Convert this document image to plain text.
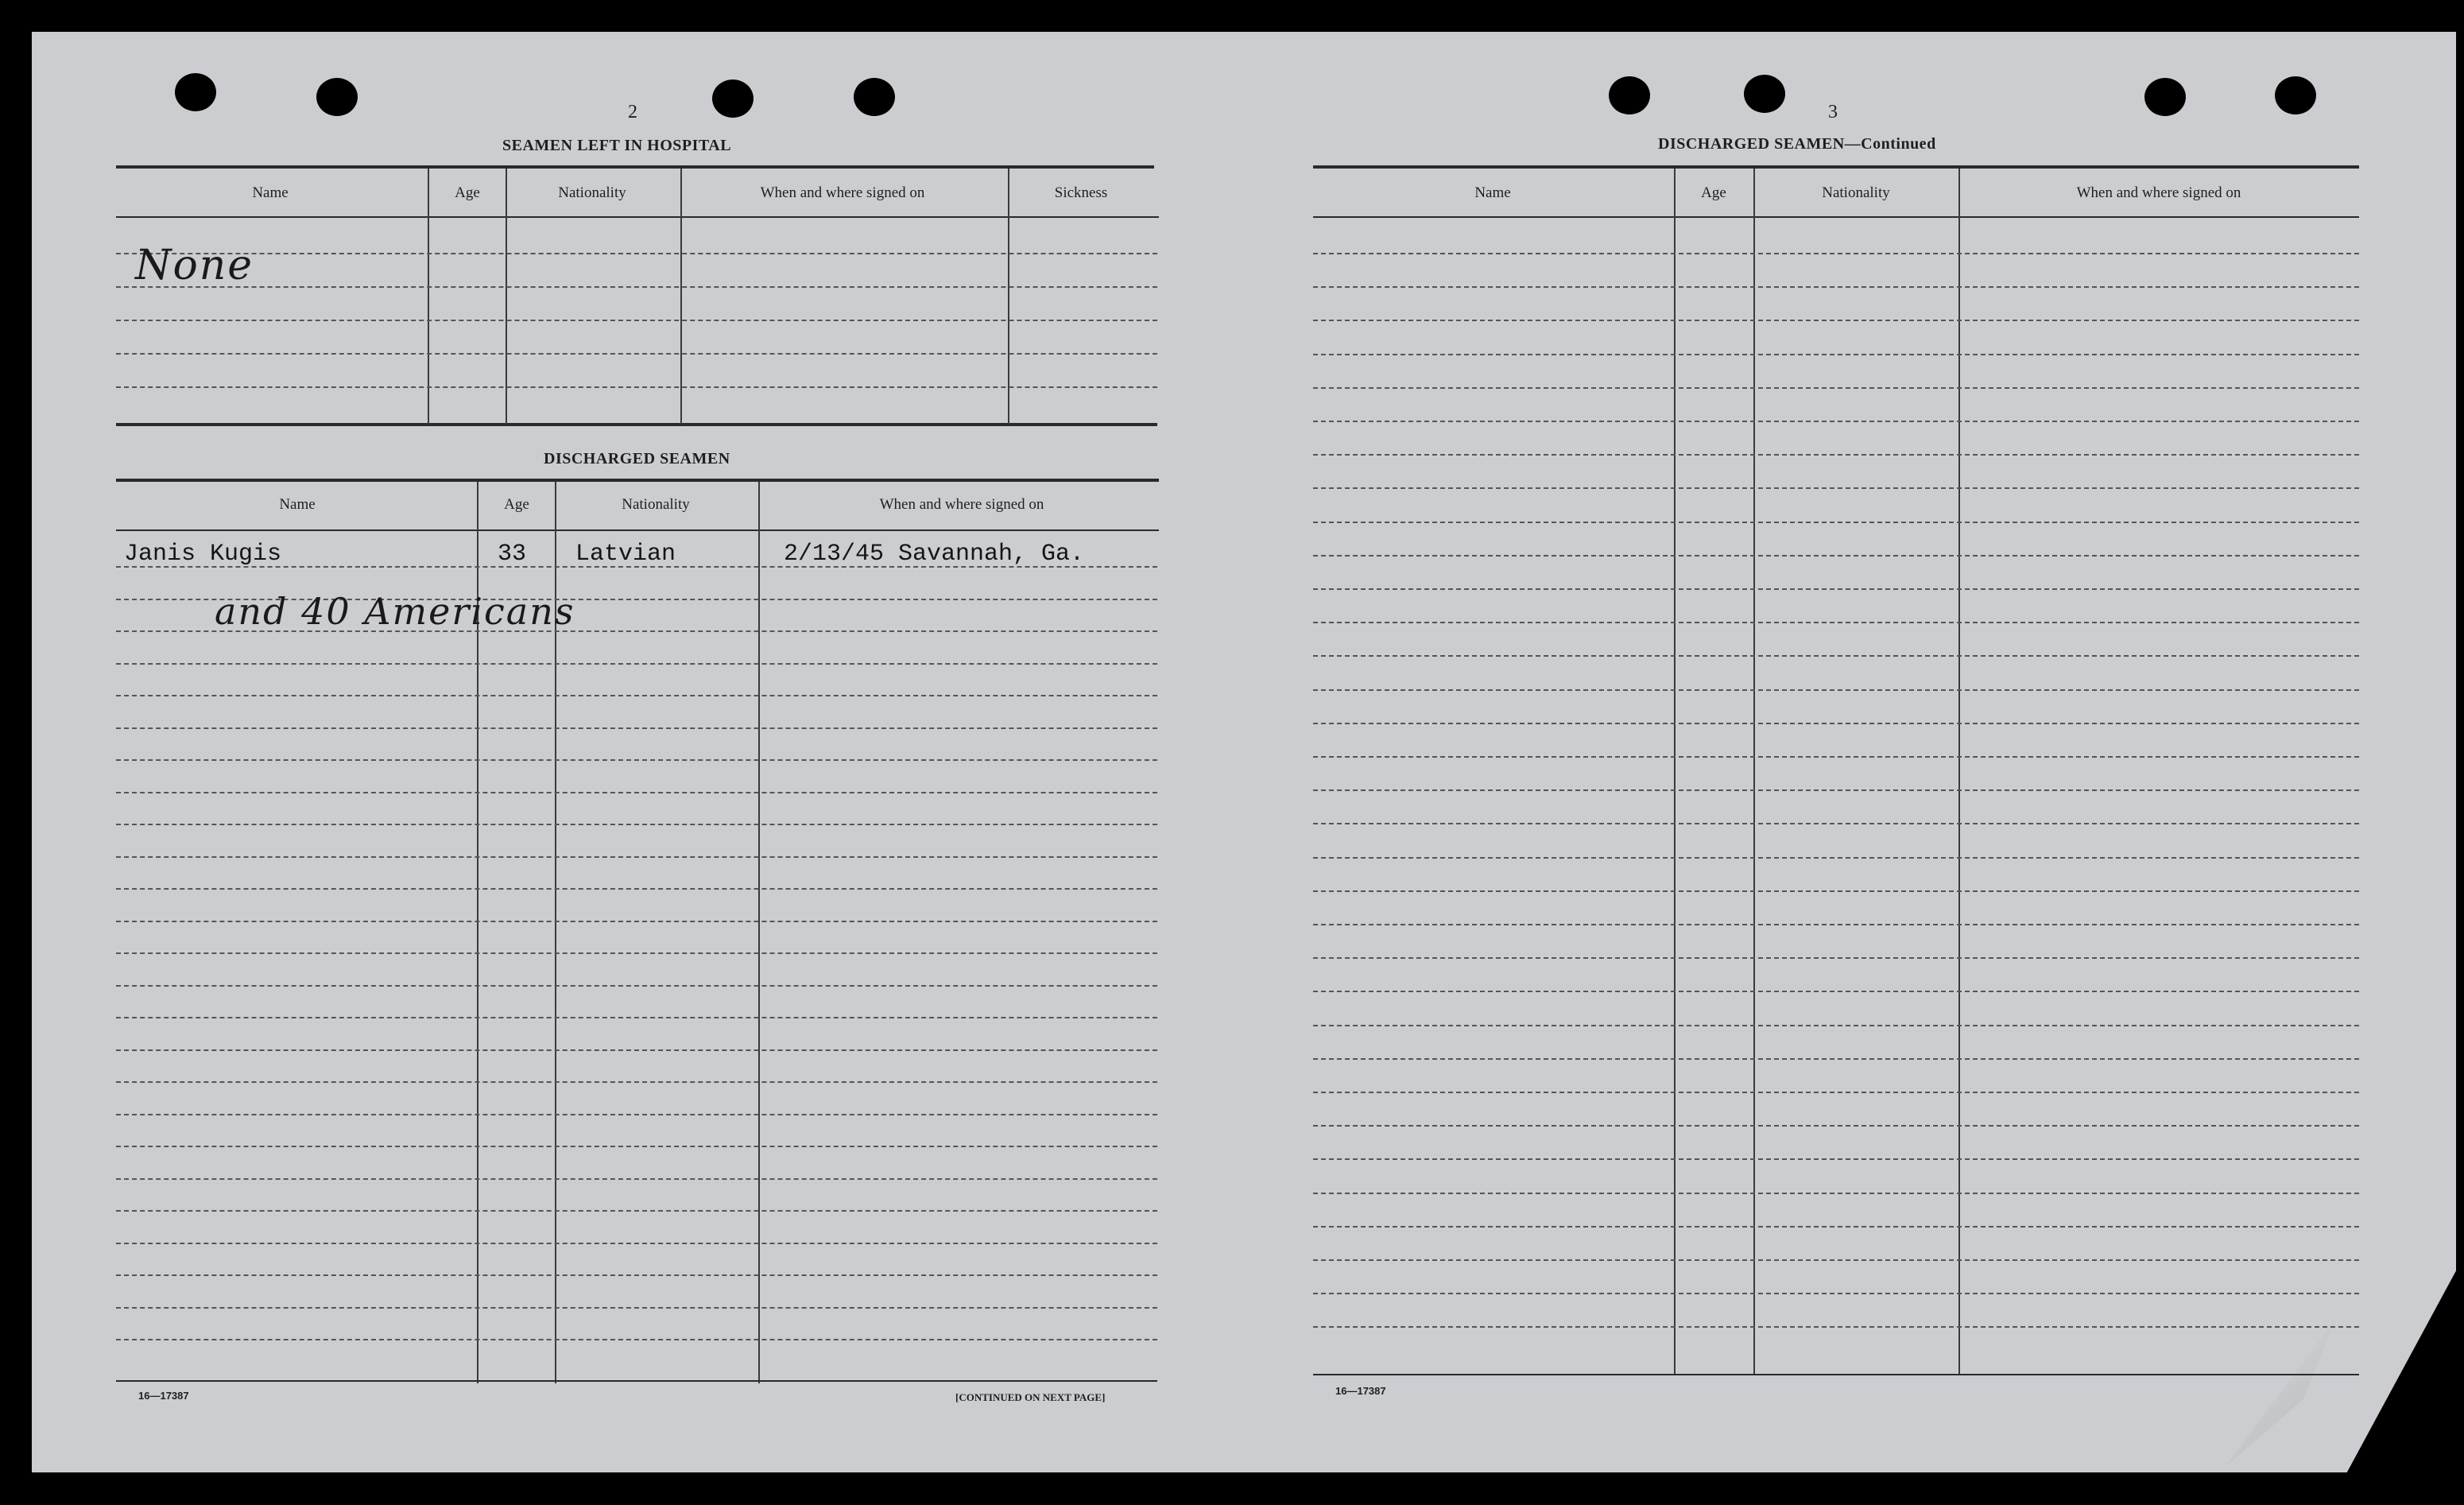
2
SEAMEN LEFT IN HOSPITAL
Name	Age	Nationality	When and where signed on	Sickness
None
DISCHARGED SEAMEN
Name	Age	Nationality	When and where signed on
Janis Kugis	33 Latvian	2/13/45 Savannah, Ga.
and 40 Americans
16—17387	[CONTINUED ON NEXT PAGE]
3
DISCHARGED SEAMEN—Continued
Name	Age	Nationality	When and where signed on
16—17387
